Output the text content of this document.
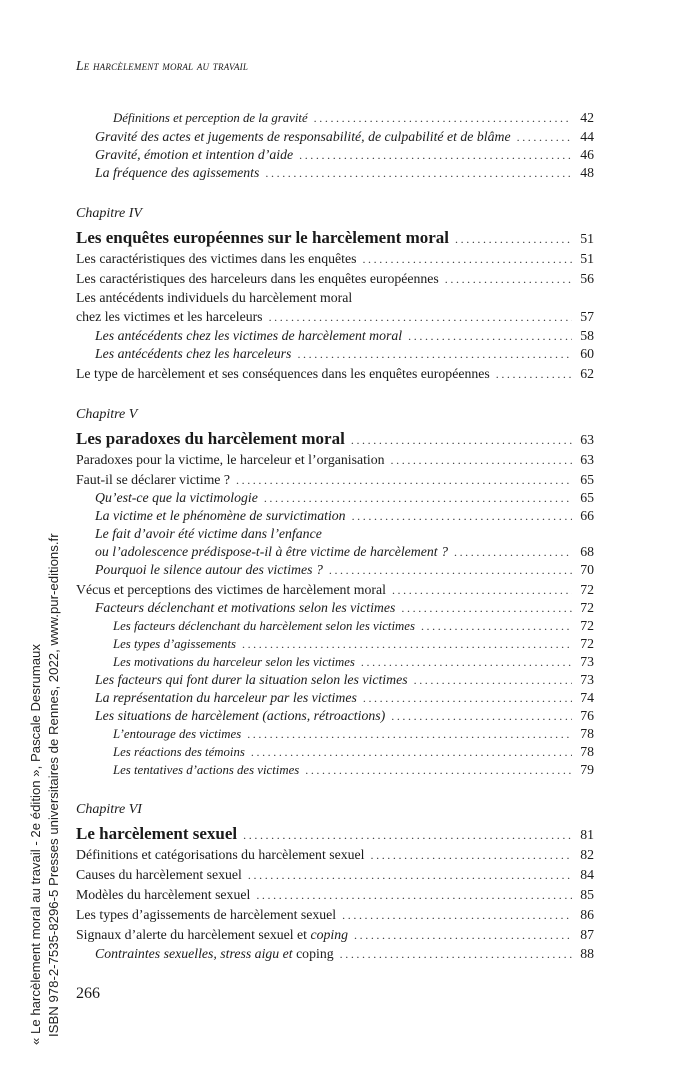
Le harcèlement moral au travail
Définitions et perception de la gravité .....	42
Gravité des actes et jugements de responsabilité, de culpabilité et de blâme .....	44
Gravité, émotion et intention d’aide .....	46
La fréquence des agissements .....	48
Chapitre IV
Les enquêtes européennes sur le harcèlement moral .....	51
Les caractéristiques des victimes dans les enquêtes .....	51
Les caractéristiques des harceleurs dans les enquêtes européennes .....	56
Les antécédents individuels du harcèlement moral
chez les victimes et les harceleurs .....	57
Les antécédents chez les victimes de harcèlement moral .....	58
Les antécédents chez les harceleurs .....	60
Le type de harcèlement et ses conséquences dans les enquêtes européennes .....	62
Chapitre V
Les paradoxes du harcèlement moral .....	63
Paradoxes pour la victime, le harceleur et l’organisation .....	63
Faut-il se déclarer victime ? .....	65
Qu’est-ce que la victimologie .....	65
La victime et le phénomène de survictimation .....	66
Le fait d’avoir été victime dans l’enfance
ou l’adolescence prédispose-t-il à être victime de harcèlement ? .....	68
Pourquoi le silence autour des victimes ? .....	70
Vécus et perceptions des victimes de harcèlement moral .....	72
Facteurs déclenchant et motivations selon les victimes .....	72
Les facteurs déclenchant du harcèlement selon les victimes .....	72
Les types d’agissements .....	72
Les motivations du harceleur selon les victimes .....	73
Les facteurs qui font durer la situation selon les victimes .....	73
La représentation du harceleur par les victimes .....	74
Les situations de harcèlement (actions, rétroactions) .....	76
L’entourage des victimes .....	78
Les réactions des témoins .....	78
Les tentatives d’actions des victimes .....	79
Chapitre VI
Le harcèlement sexuel .....	81
Définitions et catégorisations du harcèlement sexuel .....	82
Causes du harcèlement sexuel .....	84
Modèles du harcèlement sexuel .....	85
Les types d’agissements de harcèlement sexuel .....	86
Signaux d’alerte du harcèlement sexuel et coping .....	87
Contraintes sexuelles, stress aigu et coping .....	88
266
« Le harcèlement moral au travail - 2e édition », Pascale Desrumaux ISBN 978-2-7535-8296-5 Presses universitaires de Rennes, 2022, www.pur-editions.fr
